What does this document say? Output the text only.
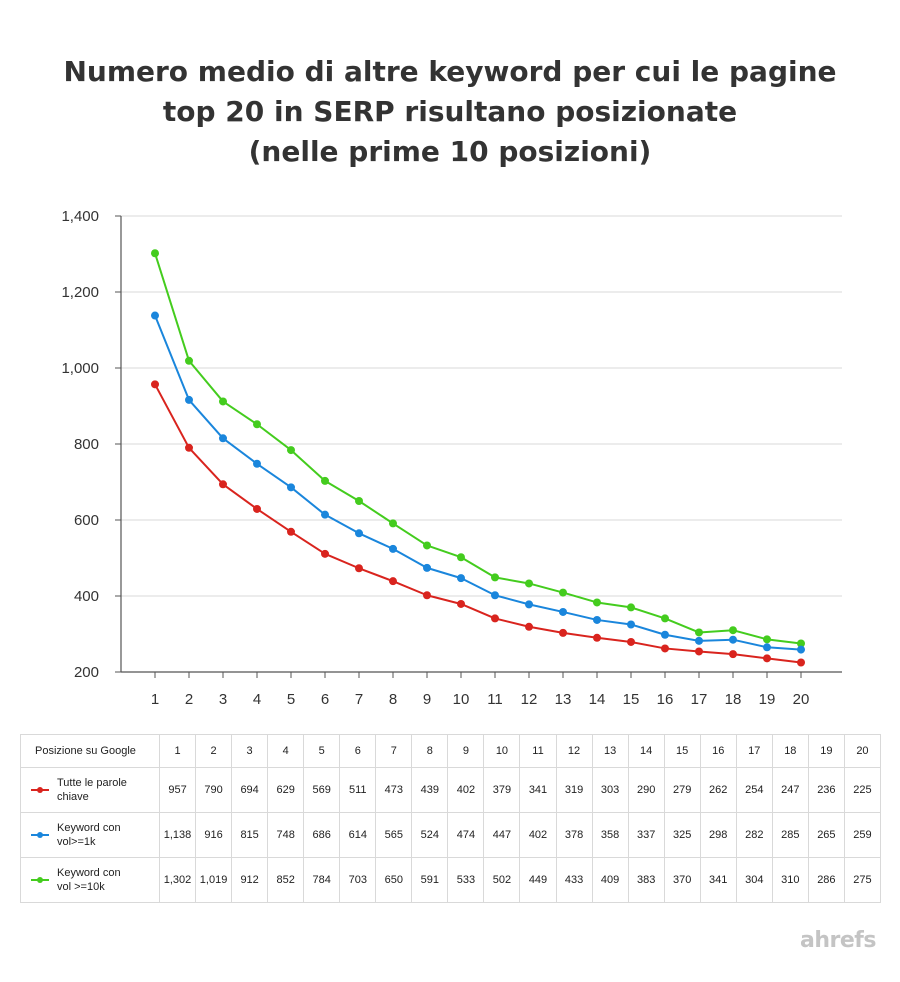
Numero medio di altre keyword per cui le pagine
top 20 in SERP risultano posizionate
(nelle prime 10 posizioni)
200
400
600
800
1,000
1,200
1,400
1 2 3 4 5 6 7 8 9 10 11 12 13 14 15 16 17 18 19 20
Posizione su Google	1	2	3	4	5	6	7	8	9	10	11	12	13	14	15	16	17	18	19	20

Tutte le parole
chiave	957	790	694	629	569	511	473	439	402	379	341	319	303	290	279	262	254	247	236	225

Keyword con
vol>=1k	1,138	916	815	748	686	614	565	524	474	447	402	378	358	337	325	298	282	285	265	259

Keyword con
vol >=10k	1,302	1,019	912	852	784	703	650	591	533	502	449	433	409	383	370	341	304	310	286	275
ahrefs
